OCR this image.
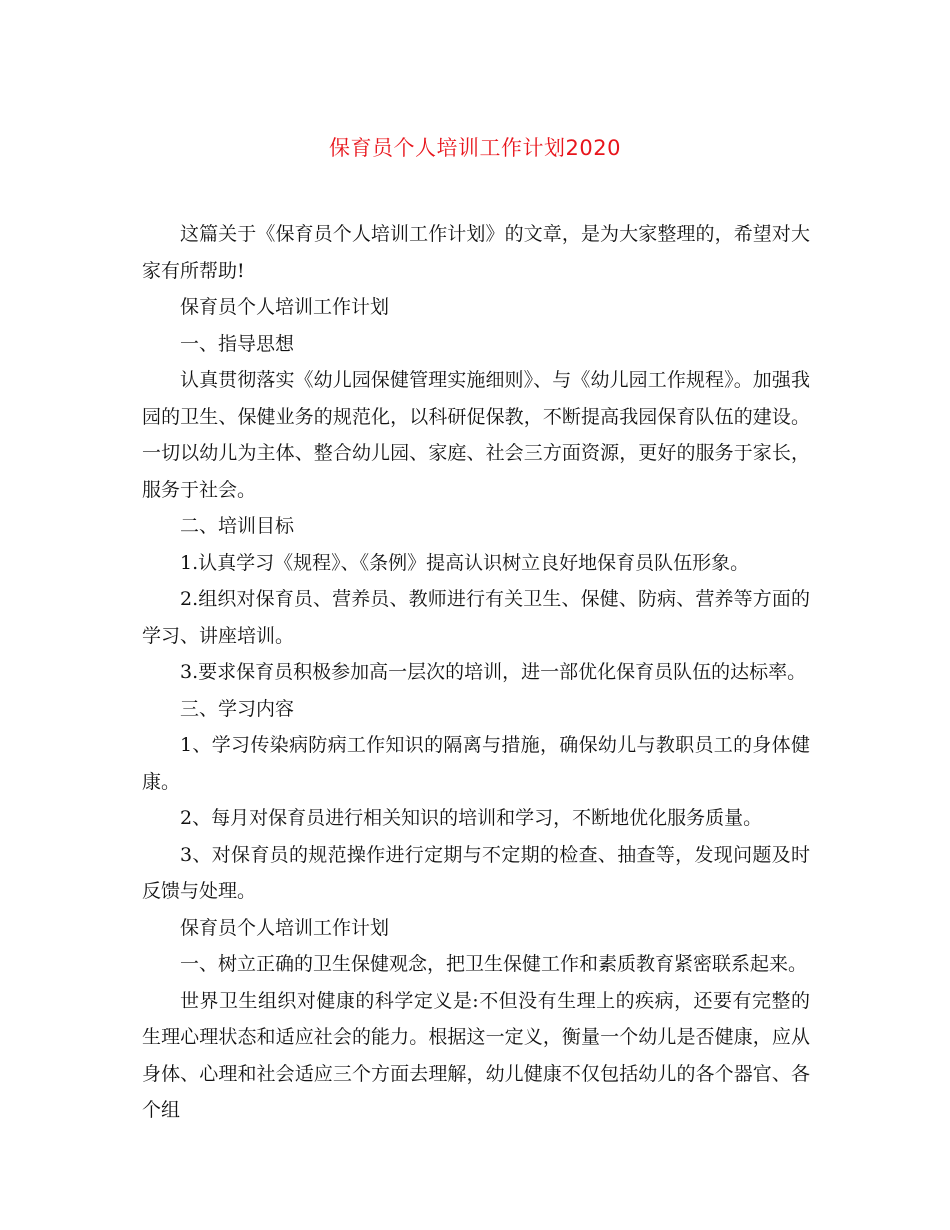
保育员个人培训工作计划2020

这篇关于《保育员个人培训工作计划》的文章，是为大家整理的，希望对大家有所帮助!

保育员个人培训工作计划

一、指导思想

认真贯彻落实《幼儿园保健管理实施细则》、与《幼儿园工作规程》。加强我园的卫生、保健业务的规范化，以科研促保教，不断提高我园保育队伍的建设。一切以幼儿为主体、整合幼儿园、家庭、社会三方面资源，更好的服务于家长，服务于社会。

二、培训目标

1.认真学习《规程》、《条例》提高认识树立良好地保育员队伍形象。

2.组织对保育员、营养员、教师进行有关卫生、保健、防病、营养等方面的学习、讲座培训。

3.要求保育员积极参加高一层次的培训，进一部优化保育员队伍的达标率。

三、学习内容

1、学习传染病防病工作知识的隔离与措施，确保幼儿与教职员工的身体健康。

2、每月对保育员进行相关知识的培训和学习，不断地优化服务质量。

3、对保育员的规范操作进行定期与不定期的检查、抽查等，发现问题及时反馈与处理。

保育员个人培训工作计划

一、树立正确的卫生保健观念，把卫生保健工作和素质教育紧密联系起来。

世界卫生组织对健康的科学定义是:不但没有生理上的疾病，还要有完整的生理心理状态和适应社会的能力。根据这一定义，衡量一个幼儿是否健康，应从身体、心理和社会适应三个方面去理解，幼儿健康不仅包括幼儿的各个器官、各个组
